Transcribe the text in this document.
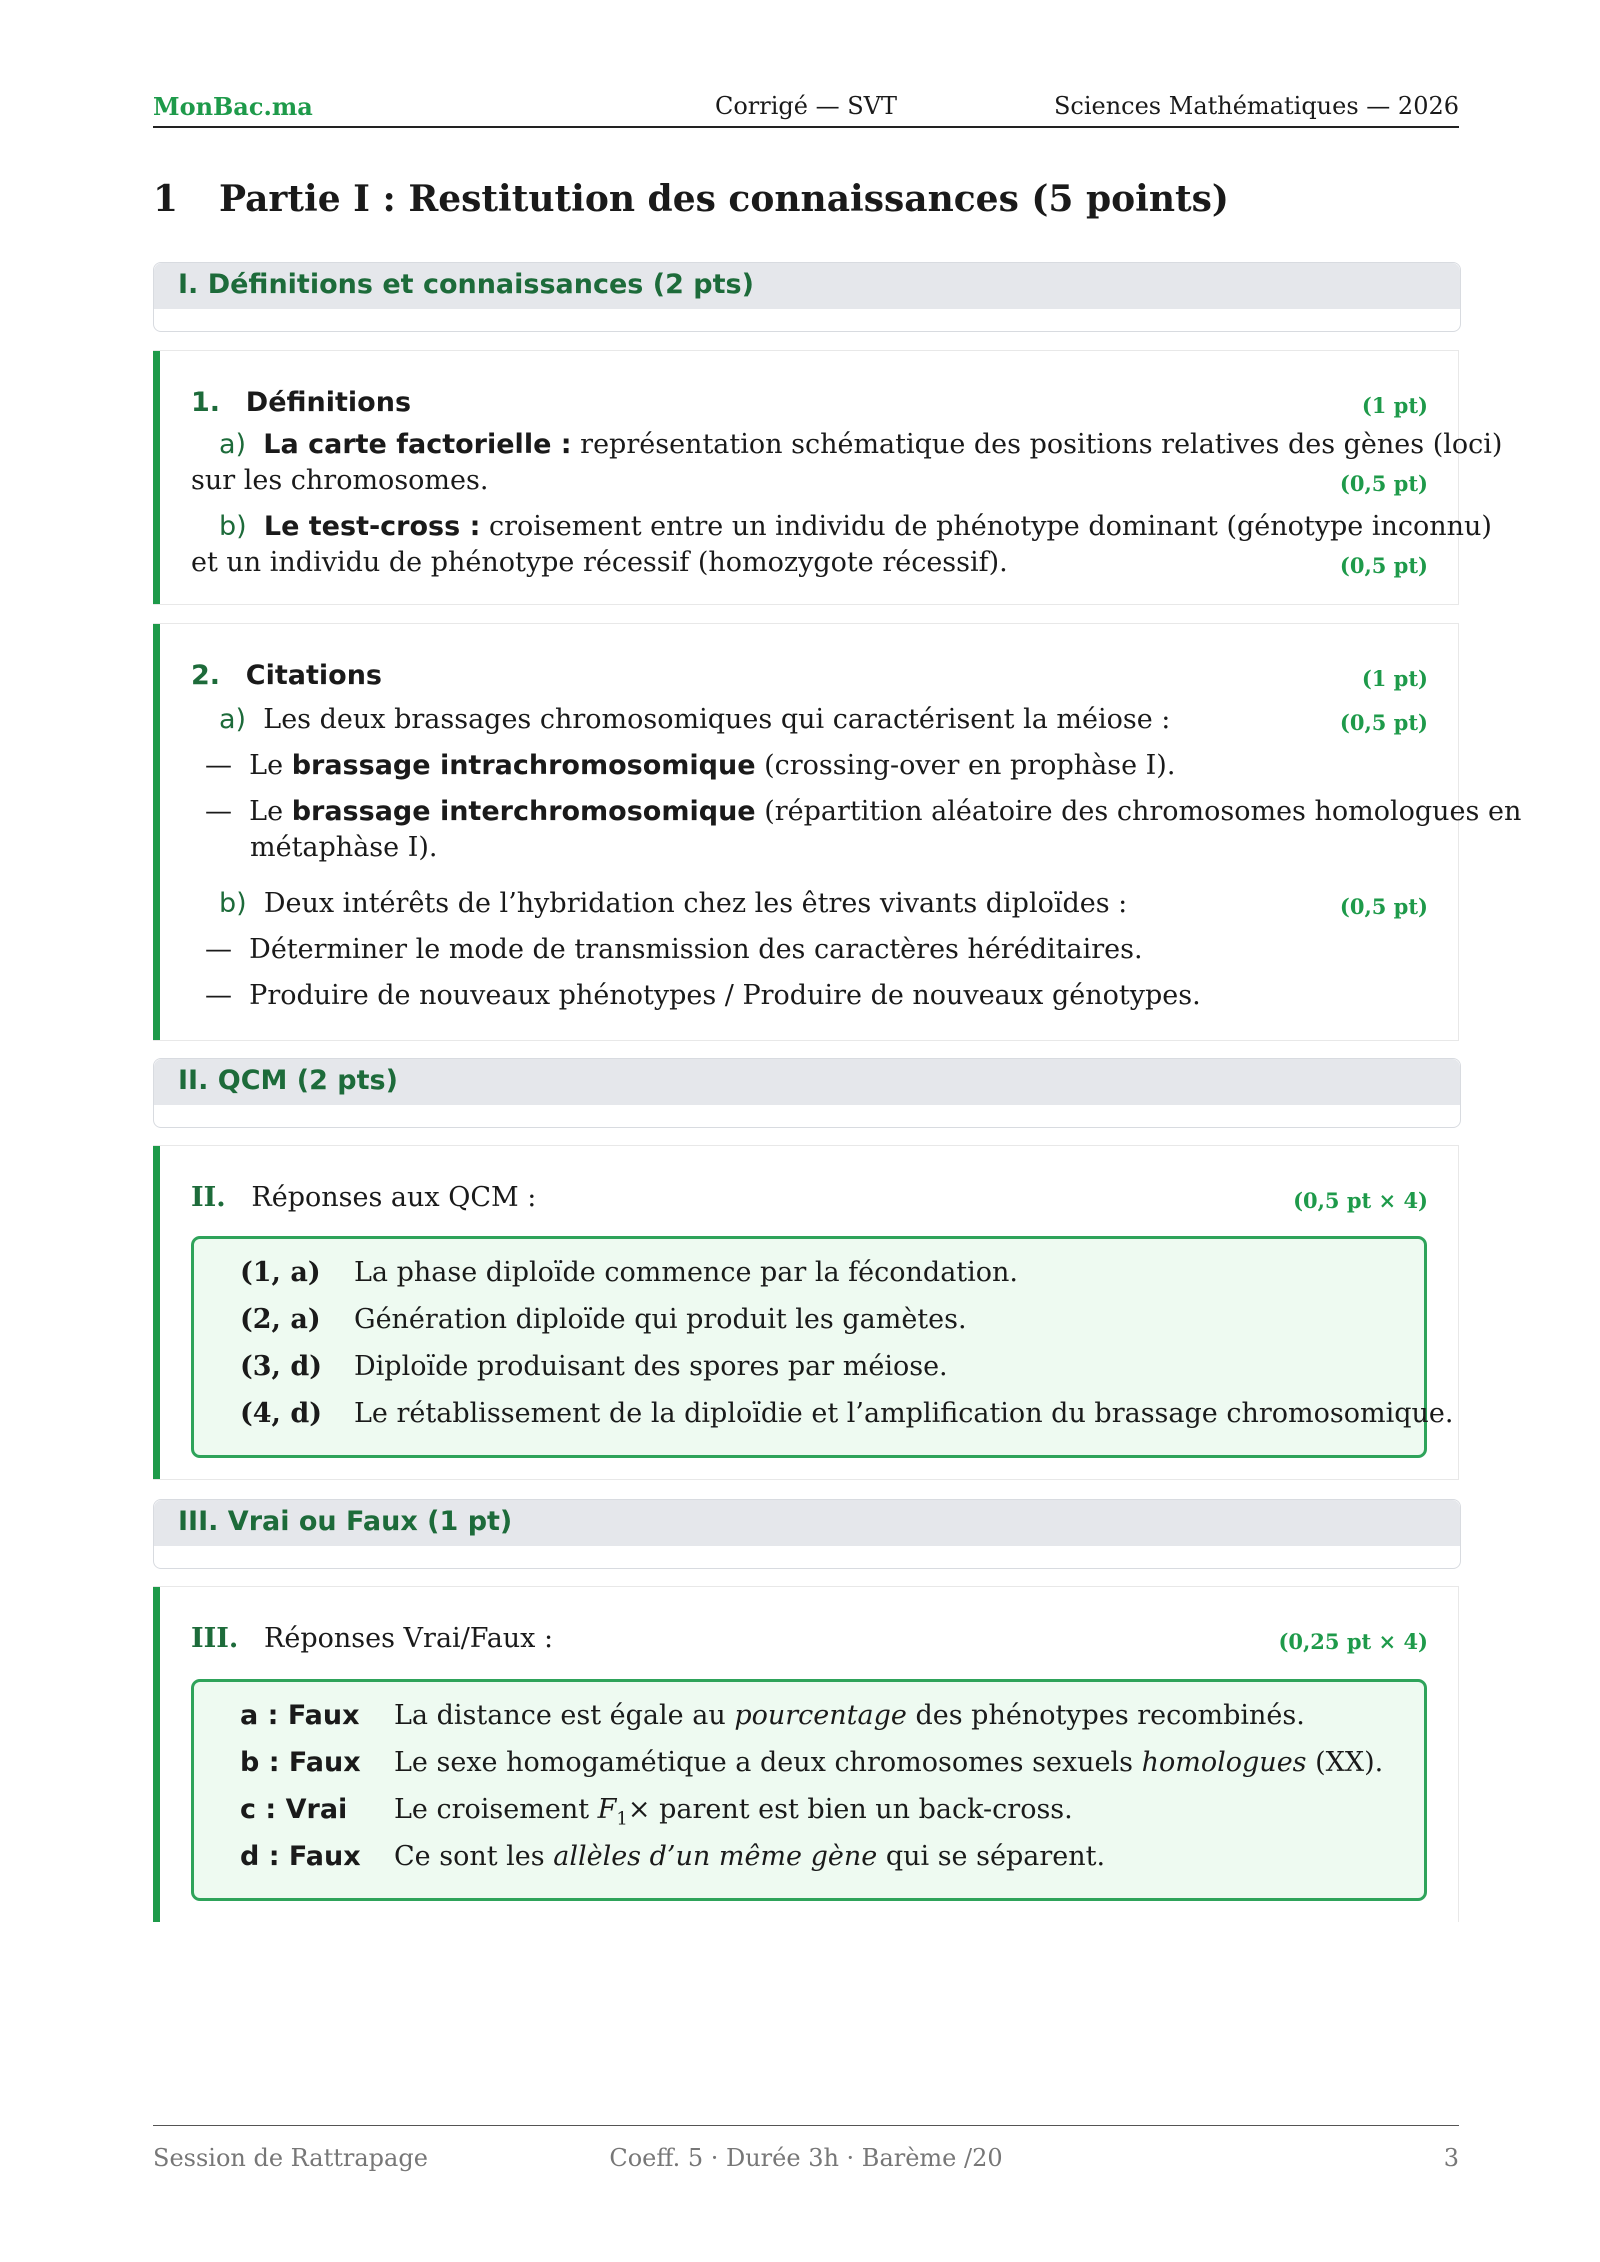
Corrigé — SVT
MonBac.ma	Sciences Mathématiques — 2026
1 Partie I : Restitution des connaissances (5 points)
I. Définitions et connaissances (2 pts)
1. Définitions	(1 pt)
a) La carte factorielle : représentation schématique des positions relatives des gènes (loci)
sur les chromosomes.	(0,5 pt)
b) Le test-cross : croisement entre un individu de phénotype dominant (génotype inconnu)
et un individu de phénotype récessif (homozygote récessif).	(0,5 pt)
2. Citations	(1 pt)
a) Les deux brassages chromosomiques qui caractérisent la méiose :	(0,5 pt)
— Le brassage intrachromosomique (crossing-over en prophàse I).
— Le brassage interchromosomique (répartition aléatoire des chromosomes homologues en
métaphàse I).
b) Deux intérêts de l’hybridation chez les êtres vivants diploïdes :	(0,5 pt)
— Déterminer le mode de transmission des caractères héréditaires.
— Produire de nouveaux phénotypes / Produire de nouveaux génotypes.
II. QCM (2 pts)
II. Réponses aux QCM :	(0,5 pt × 4)
(1, a) La phase diploïde commence par la fécondation.
(2, a) Génération diploïde qui produit les gamètes.
(3, d) Diploïde produisant des spores par méiose.
(4, d) Le rétablissement de la diploïdie et l’amplification du brassage chromosomique.
III. Vrai ou Faux (1 pt)
III. Réponses Vrai/Faux :	(0,25 pt × 4)
a : Faux La distance est égale au pourcentage des phénotypes recombinés.
b : Faux Le sexe homogamétique a deux chromosomes sexuels homologues (XX).
c : Vrai Le croisement $F_1\times$ parent est bien un back-cross.
d : Faux Ce sont les allèles d’un même gène qui se séparent.
Coeff. 5 · Durée 3h · Barème /20
Session de Rattrapage	3
